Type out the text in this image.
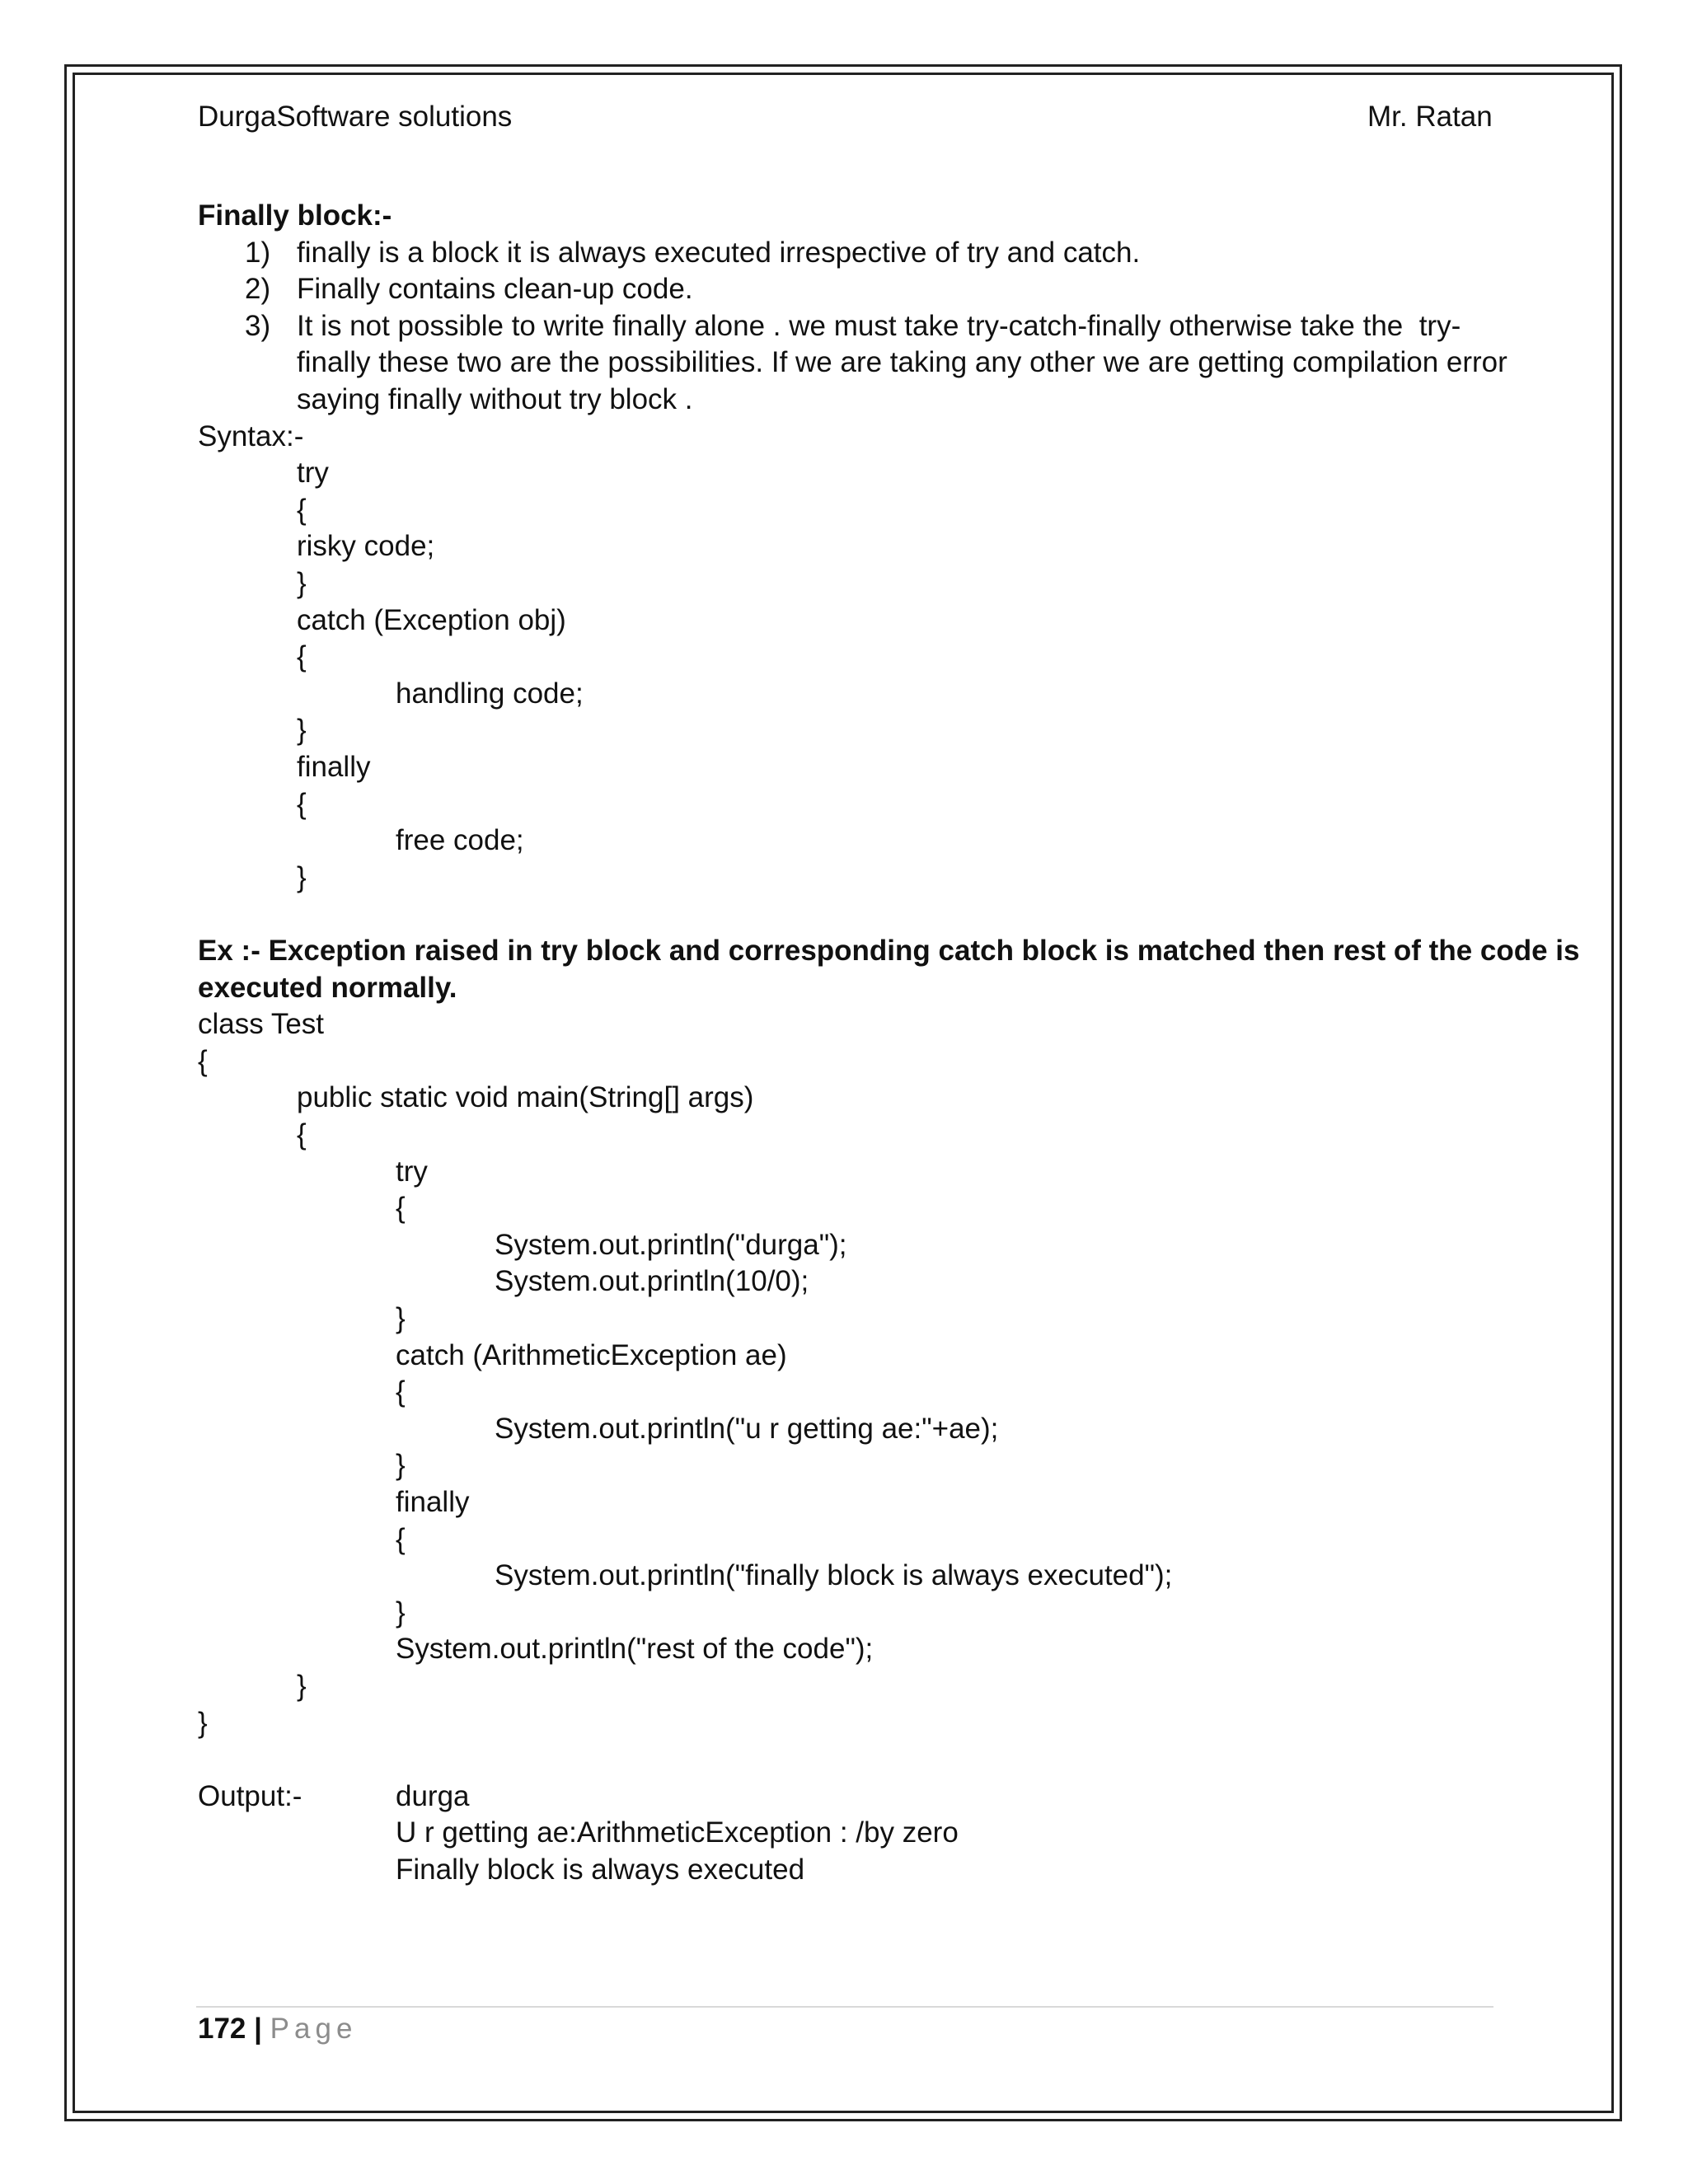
DurgaSoftware solutions	Mr. Ratan
Finally block:-
1) finally is a block it is always executed irrespective of try and catch.
2) Finally contains clean-up code.
3) It is not possible to write finally alone . we must take try-catch-finally otherwise take the  try-
finally these two are the possibilities. If we are taking any other we are getting compilation error
saying finally without try block .
Syntax:-
try
{
risky code;
}
catch (Exception obj)
{
handling code;
}
finally
{
free code;
}
Ex :- Exception raised in try block and corresponding catch block is matched then rest of the code is
executed normally.
class Test
{
public static void main(String[] args)
{
try
{
System.out.println("durga");
System.out.println(10/0);
}
catch (ArithmeticException ae)
{
System.out.println("u r getting ae:"+ae);
}
finally
{
System.out.println("finally block is always executed");
}
System.out.println("rest of the code");
}
}
Output:-	durga
U r getting ae:ArithmeticException : /by zero
Finally block is always executed
172 | Page
